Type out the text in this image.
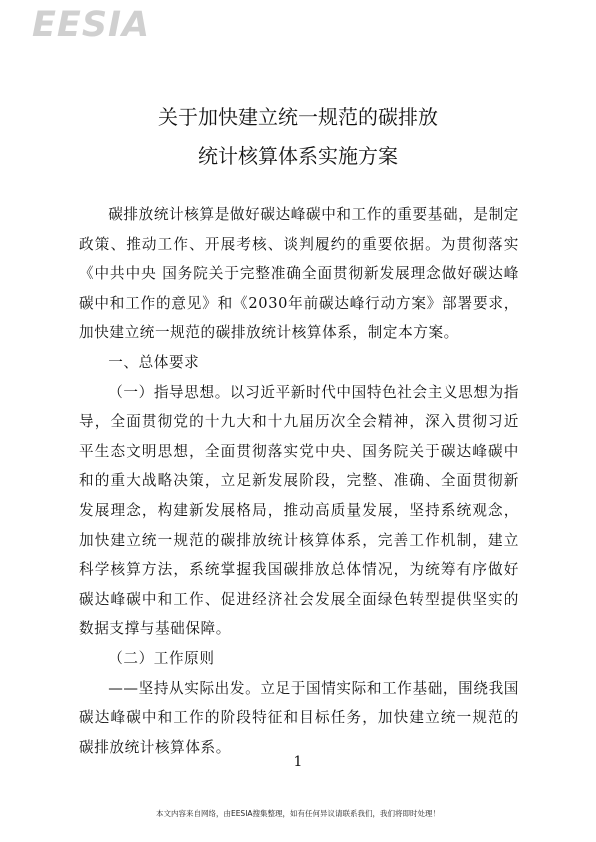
EESIA
关于加快建立统一规范的碳排放
统计核算体系实施方案

碳排放统计核算是做好碳达峰碳中和工作的重要基础，是制定政策、推动工作、开展考核、谈判履约的重要依据。为贯彻落实《中共中央 国务院关于完整准确全面贯彻新发展理念做好碳达峰碳中和工作的意见》和《2030年前碳达峰行动方案》部署要求，加快建立统一规范的碳排放统计核算体系，制定本方案。

一、总体要求

（一）指导思想。以习近平新时代中国特色社会主义思想为指导，全面贯彻党的十九大和十九届历次全会精神，深入贯彻习近平生态文明思想，全面贯彻落实党中央、国务院关于碳达峰碳中和的重大战略决策，立足新发展阶段，完整、准确、全面贯彻新发展理念，构建新发展格局，推动高质量发展，坚持系统观念，加快建立统一规范的碳排放统计核算体系，完善工作机制，建立科学核算方法，系统掌握我国碳排放总体情况，为统筹有序做好碳达峰碳中和工作、促进经济社会发展全面绿色转型提供坚实的数据支撑与基础保障。

（二）工作原则

——坚持从实际出发。立足于国情实际和工作基础，围绕我国碳达峰碳中和工作的阶段特征和目标任务，加快建立统一规范的碳排放统计核算体系。

1
本文内容来自网络，由EESIA搜集整理，如有任何异议请联系我们，我们将即时处理！
